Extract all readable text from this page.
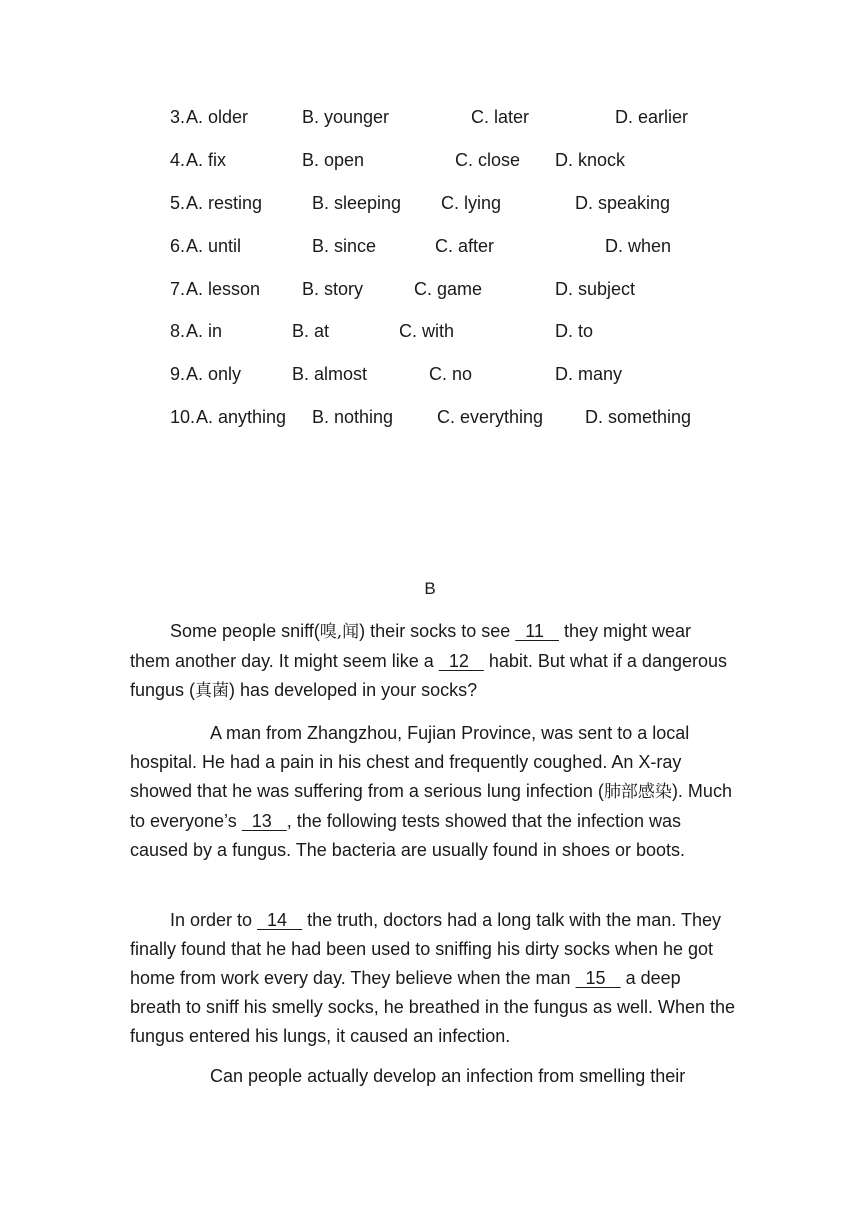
3. A. older	B. younger	C. later	D. earlier
4. A. fix	B. open	C. close D. knock
5. A. resting	B. sleeping C. lying	D. speaking
6. A. until	B. since	C. after	D. when
7. A. lesson B. story	C. game	D. subject
8. A. in	B. at	C. with	D. to
9. A. only	B. almost	C. no	D. many
10. A. anything B. nothing C. everything D. something
B

Some people sniff(嗅,闻) their socks to see   11    they might wear them another day. It might seem like a   12    habit. But what if a dangerous fungus (真菌) has developed in your socks?

A man from Zhangzhou, Fujian Province, was sent to a local hospital. He had a pain in his chest and frequently coughed. An X-ray showed that he was suffering from a serious lung infection (肺部感染). Much to everyone’s   13   , the following tests showed that the infection was caused by a fungus. The bacteria are usually found in shoes or boots.

In order to   14    the truth, doctors had a long talk with the man. They finally found that he had been used to sniffing his dirty socks when he got home from work every day. They believe when the man   15    a deep breath to sniff his smelly socks, he breathed in the fungus as well. When the fungus entered his lungs, it caused an infection.

Can people actually develop an infection from smelling their
